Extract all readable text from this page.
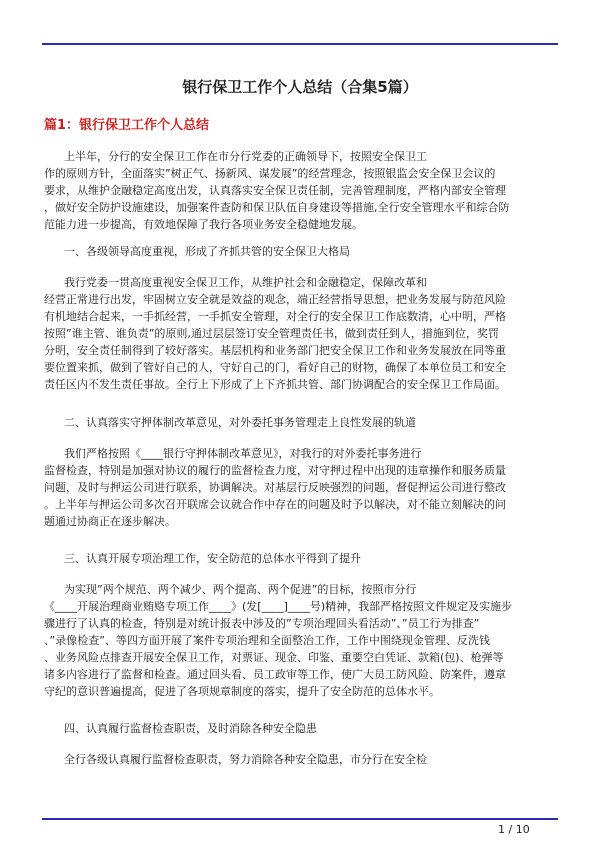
银行保卫工作个人总结（合集5篇）
篇1：银行保卫工作个人总结
上半年，分行的安全保卫工作在市分行党委的正确领导下，按照安全保卫工
作的原则方针，全面落实”树正气、扬新风、谋发展”的经营理念，按照银监会安全保卫会议的
要求，从维护金融稳定高度出发，认真落实安全保卫责任制，完善管理制度，严格内部安全管理
，做好安全防护设施建设，加强案件查防和保卫队伍自身建设等措施,全行安全管理水平和综合防
范能力进一步提高，有效地保障了我行各项业务安全稳健地发展。
一、各级领导高度重视，形成了齐抓共管的安全保卫大格局
我行党委一贯高度重视安全保卫工作，从维护社会和金融稳定，保障改革和
经营正常进行出发，牢固树立安全就是效益的观念，端正经营指导思想，把业务发展与防范风险
有机地结合起来，一手抓经营，一手抓安全管理，对全行的安全保卫工作底数清，心中明，严格
按照”谁主管、谁负责”的原则,通过层层签订安全管理责任书，做到责任到人，措施到位，奖罚
分明，安全责任制得到了较好落实。基层机构和业务部门把安全保卫工作和业务发展放在同等重
要位置来抓，做到了管好自己的人，守好自己的门，看好自己的财物，确保了本单位员工和安全
责任区内不发生责任事故。全行上下形成了上下齐抓共管、部门协调配合的安全保卫工作局面。
二、认真落实守押体制改革意见，对外委托事务管理走上良性发展的轨道
我们严格按照《____银行守押体制改革意见》，对我行的对外委托事务进行
监督检查，特别是加强对协议的履行的监督检查力度，对守押过程中出现的违章操作和服务质量
问题，及时与押运公司进行联系，协调解决。对基层行反映强烈的问题，督促押运公司进行整改
。上半年与押运公司多次召开联席会议就合作中存在的问题及时予以解决，对不能立刻解决的问
题通过协商正在逐步解决。
三、认真开展专项治理工作，安全防范的总体水平得到了提升
为实现”两个规范、两个减少、两个提高、两个促进”的目标，按照市分行
《____开展治理商业贿赂专项工作____》(发[____]____号)精神，我部严格按照文件规定及实施步
骤进行了认真的检查，特别是对统计报表中涉及的”专项治理回头看活动”、”员工行为排查”
、”录像检查”、等四方面开展了案件专项治理和全面整治工作，工作中围绕现金管理、反洗钱
、业务风险点排查开展安全保卫工作，对票证、现金、印鉴、重要空白凭证、款箱(包)、枪弹等
诸多内容进行了监督和检查。通过回头看、员工政审等工作，使广大员工防风险、防案件，遵章
守纪的意识普遍提高，促进了各项规章制度的落实，提升了安全防范的总体水平。
四、认真履行监督检查职责，及时消除各种安全隐患
全行各级认真履行监督检查职责，努力消除各种安全隐患，市分行在安全检
1 / 10
